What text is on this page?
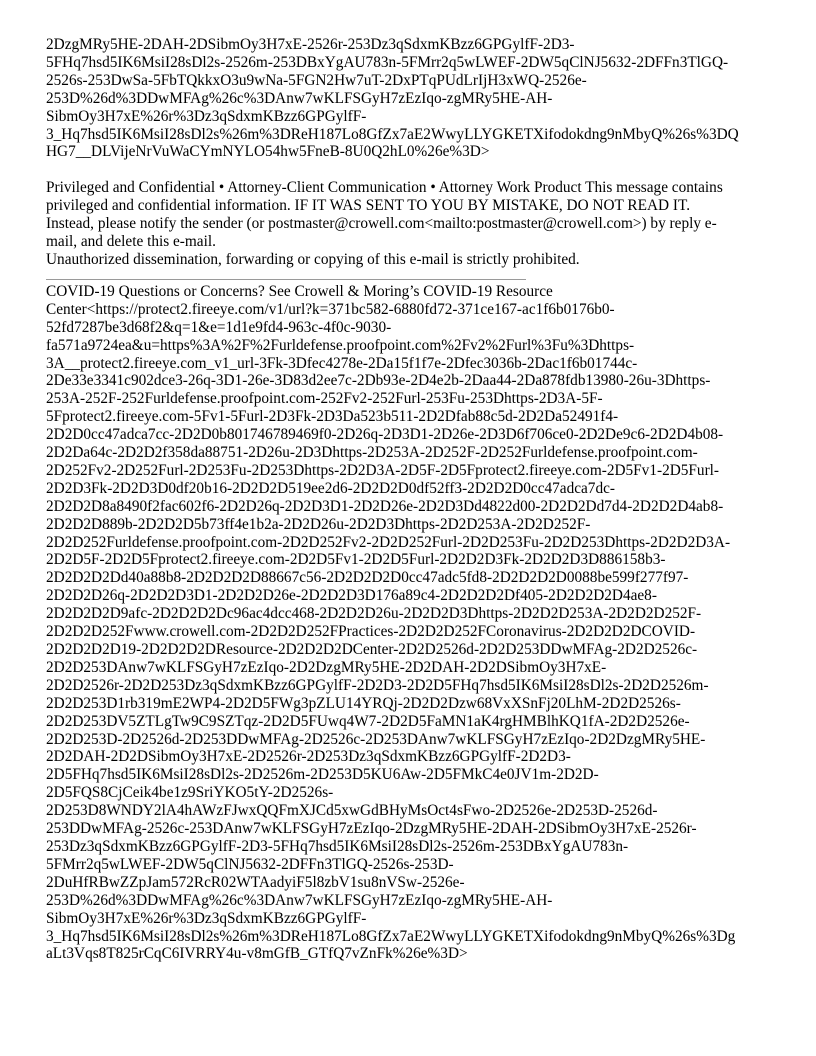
2DzgMRy5HE-2DAH-2DSibmOy3H7xE-2526r-253Dz3qSdxmKBzz6GPGylfF-2D3-
5FHq7hsd5IK6MsiI28sDl2s-2526m-253DBxYgAU783n-5FMrr2q5wLWEF-2DW5qClNJ5632-2DFFn3TlGQ-
2526s-253DwSa-5FbTQkkxO3u9wNa-5FGN2Hw7uT-2DxPTqPUdLrIjH3xWQ-2526e-
253D%26d%3DDwMFAg%26c%3DAnw7wKLFSGyH7zEzIqo-zgMRy5HE-AH-
SibmOy3H7xE%26r%3Dz3qSdxmKBzz6GPGylfF-
3_Hq7hsd5IK6MsiI28sDl2s%26m%3DReH187Lo8GfZx7aE2WwyLLYGKETXifodokdng9nMbyQ%26s%3DQ
HG7__DLVijeNrVuWaCYmNYLO54hw5FneB-8U0Q2hL0%26e%3D>

Privileged and Confidential • Attorney-Client Communication • Attorney Work Product This message contains
privileged and confidential information. IF IT WAS SENT TO YOU BY MISTAKE, DO NOT READ IT.
Instead, please notify the sender (or postmaster@crowell.com<mailto:postmaster@crowell.com>) by reply e-
mail, and delete this e-mail.
Unauthorized dissemination, forwarding or copying of this e-mail is strictly prohibited.

COVID-19 Questions or Concerns? See Crowell & Moring’s COVID-19 Resource
Center<https://protect2.fireeye.com/v1/url?k=371bc582-6880fd72-371ce167-ac1f6b0176b0-
52fd7287be3d68f2&q=1&e=1d1e9fd4-963c-4f0c-9030-
fa571a9724ea&u=https%3A%2F%2Furldefense.proofpoint.com%2Fv2%2Furl%3Fu%3Dhttps-
3A__protect2.fireeye.com_v1_url-3Fk-3Dfec4278e-2Da15f1f7e-2Dfec3036b-2Dac1f6b01744c-
2De33e3341c902dce3-26q-3D1-26e-3D83d2ee7c-2Db93e-2D4e2b-2Daa44-2Da878fdb13980-26u-3Dhttps-
253A-252F-252Furldefense.proofpoint.com-252Fv2-252Furl-253Fu-253Dhttps-2D3A-5F-
5Fprotect2.fireeye.com-5Fv1-5Furl-2D3Fk-2D3Da523b511-2D2Dfab88c5d-2D2Da52491f4-
2D2D0cc47adca7cc-2D2D0b801746789469f0-2D26q-2D3D1-2D26e-2D3D6f706ce0-2D2De9c6-2D2D4b08-
2D2Da64c-2D2D2f358da88751-2D26u-2D3Dhttps-2D253A-2D252F-2D252Furldefense.proofpoint.com-
2D252Fv2-2D252Furl-2D253Fu-2D253Dhttps-2D2D3A-2D5F-2D5Fprotect2.fireeye.com-2D5Fv1-2D5Furl-
2D2D3Fk-2D2D3D0df20b16-2D2D2D519ee2d6-2D2D2D0df52ff3-2D2D2D0cc47adca7dc-
2D2D2D8a8490f2fac602f6-2D2D26q-2D2D3D1-2D2D26e-2D2D3Dd4822d00-2D2D2Dd7d4-2D2D2D4ab8-
2D2D2D889b-2D2D2D5b73ff4e1b2a-2D2D26u-2D2D3Dhttps-2D2D253A-2D2D252F-
2D2D252Furldefense.proofpoint.com-2D2D252Fv2-2D2D252Furl-2D2D253Fu-2D2D253Dhttps-2D2D2D3A-
2D2D5F-2D2D5Fprotect2.fireeye.com-2D2D5Fv1-2D2D5Furl-2D2D2D3Fk-2D2D2D3D886158b3-
2D2D2D2Dd40a88b8-2D2D2D2D88667c56-2D2D2D2D0cc47adc5fd8-2D2D2D2D0088be599f277f97-
2D2D2D26q-2D2D2D3D1-2D2D2D26e-2D2D2D3D176a89c4-2D2D2D2Df405-2D2D2D2D4ae8-
2D2D2D2D9afc-2D2D2D2Dc96ac4dcc468-2D2D2D26u-2D2D2D3Dhttps-2D2D2D253A-2D2D2D252F-
2D2D2D252Fwww.crowell.com-2D2D2D252FPractices-2D2D2D252FCoronavirus-2D2D2D2DCOVID-
2D2D2D2D19-2D2D2D2DResource-2D2D2D2DCenter-2D2D2526d-2D2D253DDwMFAg-2D2D2526c-
2D2D253DAnw7wKLFSGyH7zEzIqo-2D2DzgMRy5HE-2D2DAH-2D2DSibmOy3H7xE-
2D2D2526r-2D2D253Dz3qSdxmKBzz6GPGylfF-2D2D3-2D2D5FHq7hsd5IK6MsiI28sDl2s-2D2D2526m-
2D2D253D1rb319mE2WP4-2D2D5FWg3pZLU14YRQj-2D2D2Dzw68VxXSnFj20LhM-2D2D2526s-
2D2D253DV5ZTLgTw9C9SZTqz-2D2D5FUwq4W7-2D2D5FaMN1aK4rgHMBlhKQ1fA-2D2D2526e-
2D2D253D-2D2526d-2D253DDwMFAg-2D2526c-2D253DAnw7wKLFSGyH7zEzIqo-2D2DzgMRy5HE-
2D2DAH-2D2DSibmOy3H7xE-2D2526r-2D253Dz3qSdxmKBzz6GPGylfF-2D2D3-
2D5FHq7hsd5IK6MsiI28sDl2s-2D2526m-2D253D5KU6Aw-2D5FMkC4e0JV1m-2D2D-
2D5FQS8CjCeik4be1z9SriYKO5tY-2D2526s-
2D253D8WNDY2lA4hAWzFJwxQQFmXJCd5xwGdBHyMsOct4sFwo-2D2526e-2D253D-2526d-
253DDwMFAg-2526c-253DAnw7wKLFSGyH7zEzIqo-2DzgMRy5HE-2DAH-2DSibmOy3H7xE-2526r-
253Dz3qSdxmKBzz6GPGylfF-2D3-5FHq7hsd5IK6MsiI28sDl2s-2526m-253DBxYgAU783n-
5FMrr2q5wLWEF-2DW5qClNJ5632-2DFFn3TlGQ-2526s-253D-
2DuHfRBwZZpJam572RcR02WTAadyiF5l8zbV1su8nVSw-2526e-
253D%26d%3DDwMFAg%26c%3DAnw7wKLFSGyH7zEzIqo-zgMRy5HE-AH-
SibmOy3H7xE%26r%3Dz3qSdxmKBzz6GPGylfF-
3_Hq7hsd5IK6MsiI28sDl2s%26m%3DReH187Lo8GfZx7aE2WwyLLYGKETXifodokdng9nMbyQ%26s%3Dg
aLt3Vqs8T825rCqC6IVRRY4u-v8mGfB_GTfQ7vZnFk%26e%3D>
